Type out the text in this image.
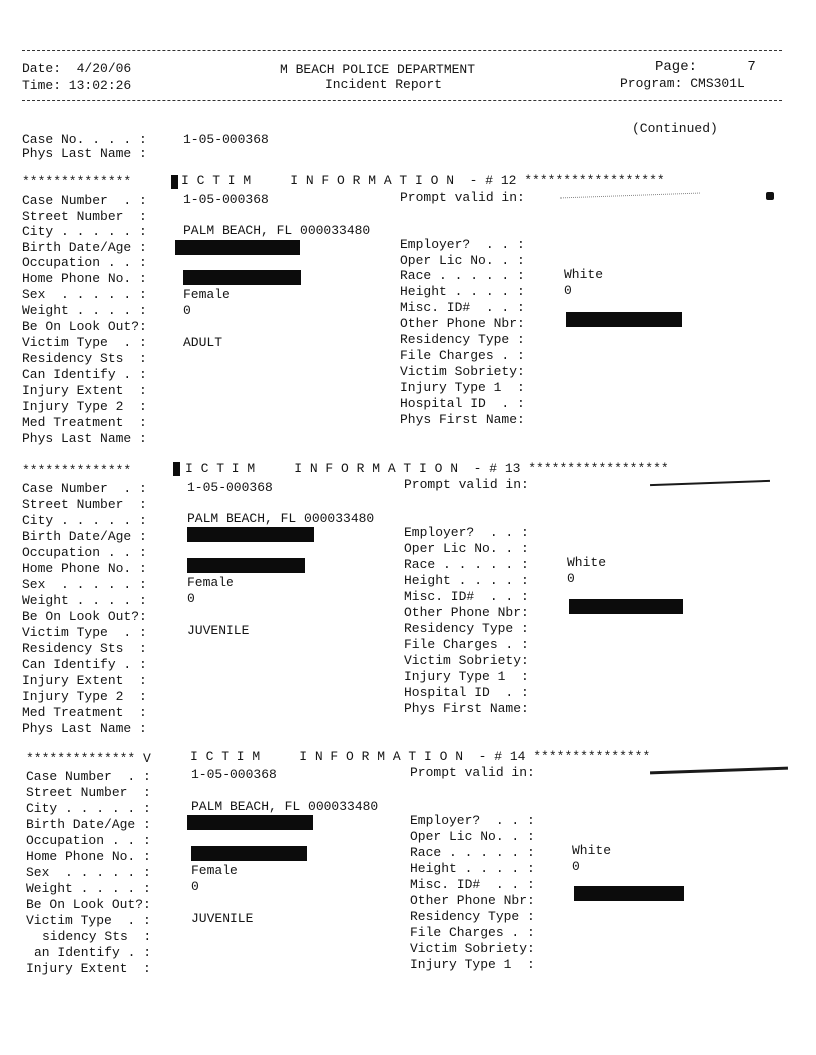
Date:  4/20/06
Time: 13:02:26
M BEACH POLICE DEPARTMENT
Incident Report
Page:      7
Program: CMS301L
Case No. . . . :	1-05-000368
(Continued)
Phys Last Name :
**************	I C T I M     I N F O R M A T I O N  - # 12 ******************
Case Number  . :	1-05-000368	Prompt valid in:
Street Number  :
City . . . . . :	PALM BEACH, FL 000033480
Birth Date/Age :
Occupation . . :
Home Phone No. :
Sex  . . . . . :	Female
Weight . . . . :	0
Be On Look Out?:
Victim Type  . :	ADULT
Residency Sts  :
Can Identify . :
Injury Extent  :
Injury Type 2  :
Med Treatment  :
Phys Last Name :
Employer?  . . :
Oper Lic No. . :
Race . . . . . :	White
Height . . . . :	0
Misc. ID#  . . :
Other Phone Nbr:
Residency Type :
File Charges . :
Victim Sobriety:
Injury Type 1  :
Hospital ID  . :
Phys First Name:
**************	I C T I M     I N F O R M A T I O N  - # 13 ******************
Case Number  . :	1-05-000368	Prompt valid in:
Street Number  :
City . . . . . :	PALM BEACH, FL 000033480
Birth Date/Age :
Occupation . . :
Home Phone No. :
Sex  . . . . . :	Female
Weight . . . . :	0
Be On Look Out?:
Victim Type  . :	JUVENILE
Residency Sts  :
Can Identify . :
Injury Extent  :
Injury Type 2  :
Med Treatment  :
Phys Last Name :
Employer?  . . :
Oper Lic No. . :
Race . . . . . :	White
Height . . . . :	0
Misc. ID#  . . :
Other Phone Nbr:
Residency Type :
File Charges . :
Victim Sobriety:
Injury Type 1  :
Hospital ID  . :
Phys First Name:
************** V	I C T I M     I N F O R M A T I O N  - # 14 ***************
Case Number  . :	1-05-000368	Prompt valid in:
Street Number  :
City . . . . . :	PALM BEACH, FL 000033480
Birth Date/Age :
Occupation . . :
Home Phone No. :
Sex  . . . . . :	Female
Weight . . . . :	0
Be On Look Out?:
Victim Type  . :	JUVENILE
sidency Sts  :
an Identify . :
Injury Extent  :
Employer?  . . :
Oper Lic No. . :
Race . . . . . :	White
Height . . . . :	0
Misc. ID#  . . :
Other Phone Nbr:
Residency Type :
File Charges . :
Victim Sobriety:
Injury Type 1  :
